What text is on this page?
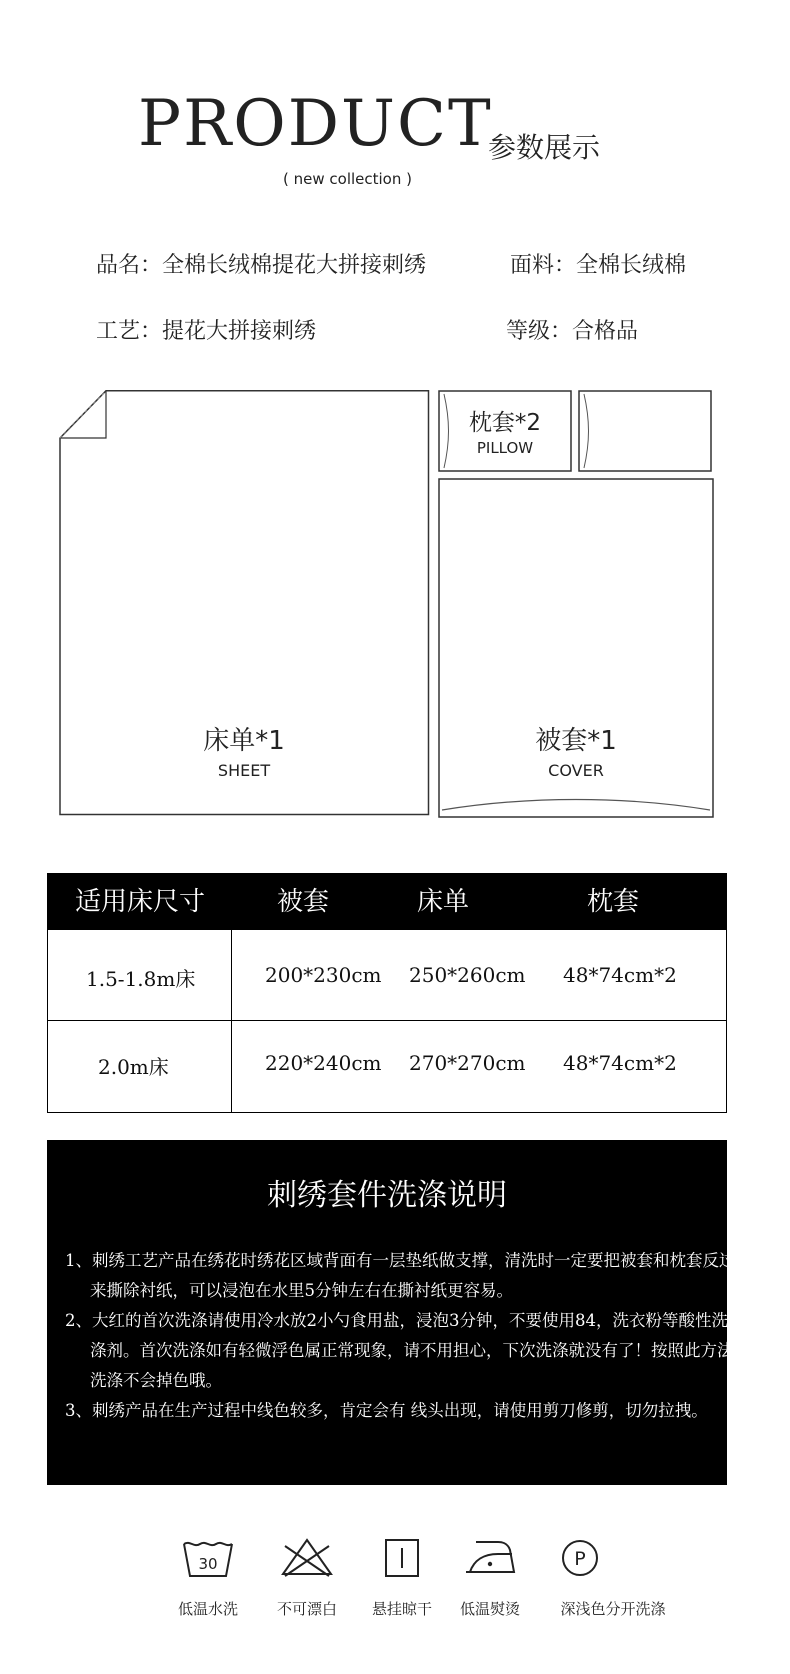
PRODUCT
( new collection )
参数展示
品名：全棉长绒棉提花大拼接刺绣	面料：全棉长绒棉
工艺：提花大拼接刺绣	等级：合格品
床单*1
SHEET
枕套*2
PILLOW
被套*1
COVER
适用床尺寸	被套	床单	枕套
1.5-1.8m床	200*230cm 250*260cm 48*74cm*2
2.0m床	220*240cm 270*270cm 48*74cm*2
刺绣套件洗涤说明
1、刺绣工艺产品在绣花时绣花区域背面有一层垫纸做支撑，清洗时一定要把被套和枕套反过来撕除衬纸，可以浸泡在水里5分钟左右在撕衬纸更容易。
2、大红的首次洗涤请使用冷水放2小勺食用盐，浸泡3分钟，不要使用84，洗衣粉等酸性洗涤剂。首次洗涤如有轻微浮色属正常现象，请不用担心，下次洗涤就没有了！按照此方法洗涤不会掉色哦。
3、刺绣产品在生产过程中线色较多，肯定会有 线头出现，请使用剪刀修剪，切勿拉拽。
30	P
低温水洗	不可漂白	悬挂晾干	低温熨烫	深浅色分开洗涤
